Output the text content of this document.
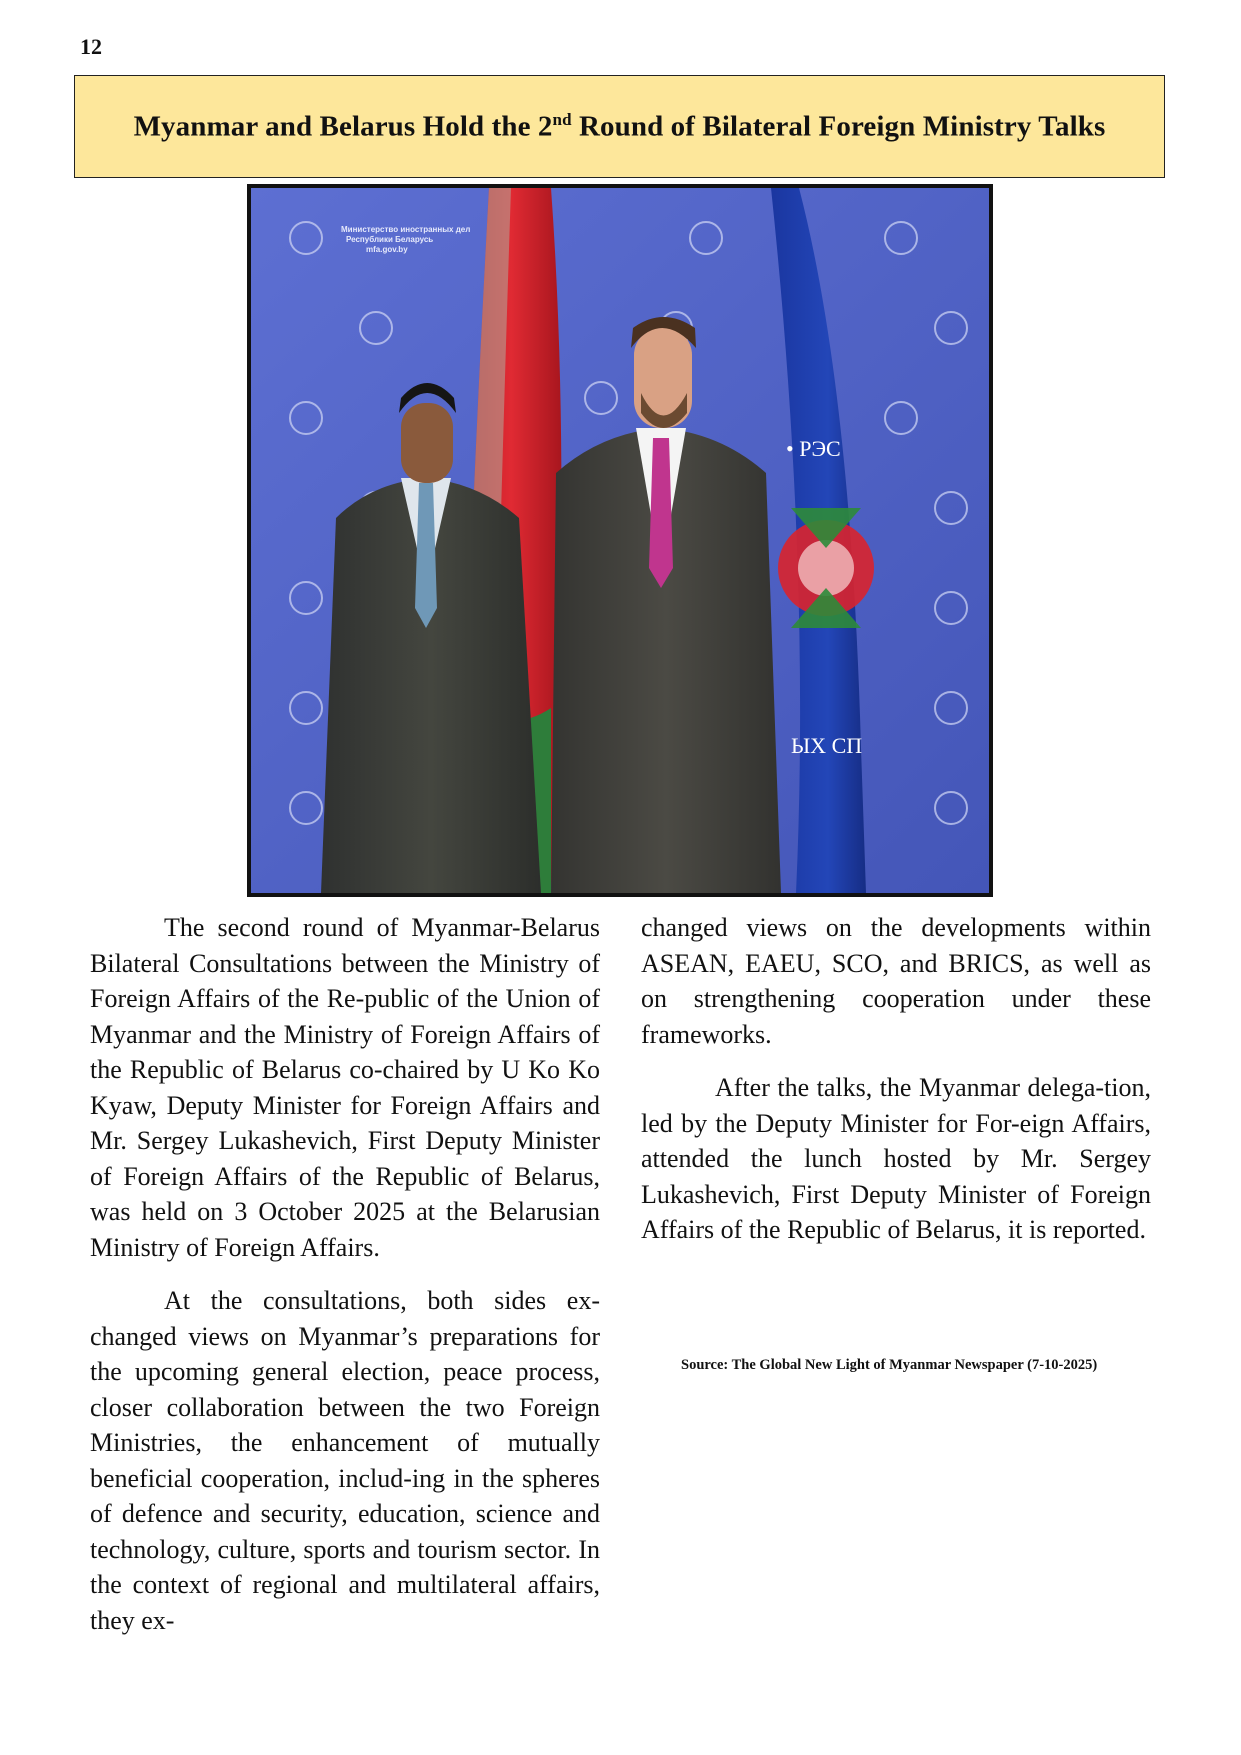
12
Myanmar and Belarus Hold the 2nd Round of Bilateral Foreign Ministry Talks
Министерство иностранных дел
Республики Беларусь
mfa.gov.by
• РЭС
ЫХ СП

The second round of Myanmar-Belarus Bilateral Consultations between the Ministry of Foreign Affairs of the Re-public of the Union of Myanmar and the Ministry of Foreign Affairs of the Republic of Belarus co-chaired by U Ko Ko Kyaw, Deputy Minister for Foreign Affairs and Mr. Sergey Lukashevich, First Deputy Minister of Foreign Affairs of the Republic of Belarus, was held on 3 October 2025 at the Belarusian Ministry of Foreign Affairs.

At the consultations, both sides ex-changed views on Myanmar’s preparations for the upcoming general election, peace process, closer collaboration between the two Foreign Ministries, the enhancement of mutually beneficial cooperation, includ-ing in the spheres of defence and security, education, science and technology, culture, sports and tourism sector. In the context of regional and multilateral affairs, they ex-

changed views on the developments within ASEAN, EAEU, SCO, and BRICS, as well as on strengthening cooperation under these frameworks.

After the talks, the Myanmar delega-tion, led by the Deputy Minister for For-eign Affairs, attended the lunch hosted by Mr. Sergey Lukashevich, First Deputy Minister of Foreign Affairs of the Republic of Belarus, it is reported.

Source: The Global New Light of Myanmar Newspaper (7-10-2025)
